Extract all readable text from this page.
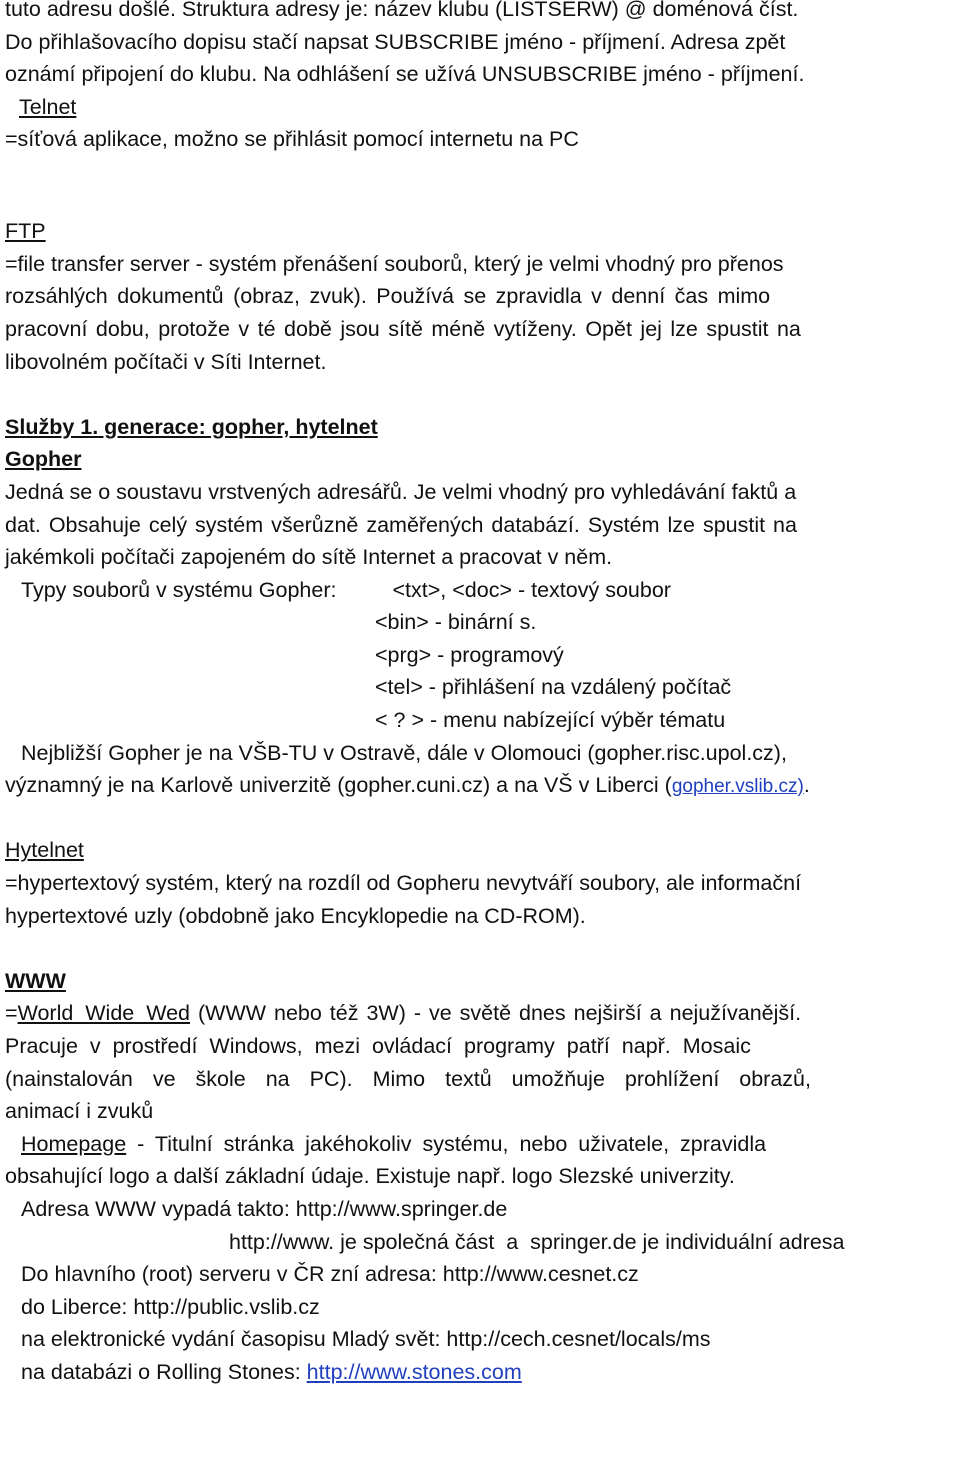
tuto adresu došlé. Struktura adresy je: název klubu (LISTSERW) @ doménová číst.
Do přihlašovacího dopisu stačí napsat SUBSCRIBE jméno - příjmení. Adresa zpět
oznámí připojení do klubu. Na odhlášení se užívá UNSUBSCRIBE jméno - příjmení.
Telnet
=síťová aplikace, možno se přihlásit pomocí internetu na PC
FTP
=file transfer server - systém přenášení souborů, který je velmi vhodný pro přenos
rozsáhlých dokumentů (obraz, zvuk). Používá se zpravidla v denní čas mimo
pracovní dobu, protože v té době jsou sítě méně vytíženy. Opět jej lze spustit na
libovolném počítači v Síti Internet.
Služby 1. generace: gopher, hytelnet
Gopher
Jedná se o soustavu vrstvených adresářů. Je velmi vhodný pro vyhledávání faktů a
dat. Obsahuje celý systém všerůzně zaměřených databází. Systém lze spustit na
jakémkoli počítači zapojeném do sítě Internet a pracovat v něm.
Typy souborů v systému Gopher:	<txt>, <doc> - textový soubor
<bin> - binární s.
<prg> - programový
<tel> - přihlášení na vzdálený počítač
< ? > - menu nabízející výběr tématu
Nejbližší Gopher je na VŠB-TU v Ostravě, dále v Olomouci (gopher.risc.upol.cz),
významný je na Karlově univerzitě (gopher.cuni.cz) a na VŠ v Liberci (gopher.vslib.cz).
Hytelnet
=hypertextový systém, který na rozdíl od Gopheru nevytváří soubory, ale informační
hypertextové uzly (obdobně jako Encyklopedie na CD-ROM).
WWW
=World  Wide  Wed (WWW nebo též 3W) - ve světě dnes nejširší a nejužívanější.
Pracuje v prostředí Windows, mezi ovládací programy patří např. Mosaic
(nainstalován ve škole na PC). Mimo textů umožňuje prohlížení obrazů,
animací i zvuků
Homepage - Titulní stránka jakéhokoliv systému, nebo uživatele, zpravidla
obsahující logo a další základní údaje. Existuje např. logo Slezské univerzity.
Adresa WWW vypadá takto: http://www.springer.de
http://www. je společná část  a  springer.de je individuální adresa
Do hlavního (root) serveru v ČR zní adresa: http://www.cesnet.cz
do Liberce: http://public.vslib.cz
na elektronické vydání časopisu Mladý svět: http://cech.cesnet/locals/ms
na databázi o Rolling Stones: http://www.stones.com
